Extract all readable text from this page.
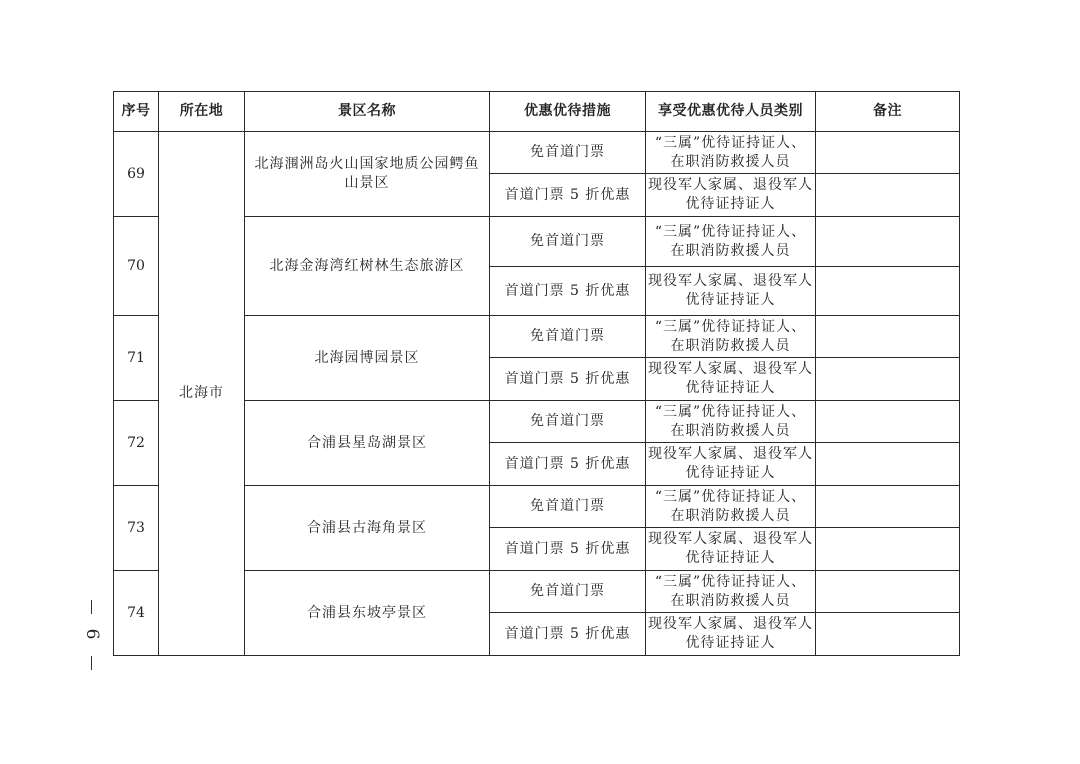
序号	所在地	景区名称	优惠优待措施	享受优惠优待人员类别	备注
69	北海市	北海涠洲岛火山国家地质公园鳄鱼山景区	免首道门票	“三属”优待证持证人、在职消防救援人员	
			首道门票 5 折优惠	现役军人家属、退役军人优待证持证人	
70		北海金海湾红树林生态旅游区	免首道门票	“三属”优待证持证人、在职消防救援人员	
			首道门票 5 折优惠	现役军人家属、退役军人优待证持证人	
71		北海园博园景区	免首道门票	“三属”优待证持证人、在职消防救援人员	
			首道门票 5 折优惠	现役军人家属、退役军人优待证持证人	
72		合浦县星岛湖景区	免首道门票	“三属”优待证持证人、在职消防救援人员	
			首道门票 5 折优惠	现役军人家属、退役军人优待证持证人	
73		合浦县古海角景区	免首道门票	“三属”优待证持证人、在职消防救援人员	
			首道门票 5 折优惠	现役军人家属、退役军人优待证持证人	
74		合浦县东坡亭景区	免首道门票	“三属”优待证持证人、在职消防救援人员	
			首道门票 5 折优惠	现役军人家属、退役军人优待证持证人	
6
